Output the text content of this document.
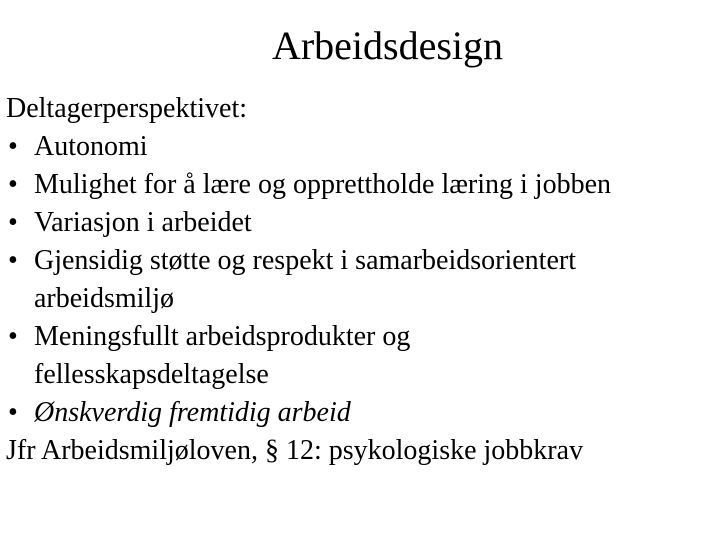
Arbeidsdesign
Deltagerperspektivet:
• Autonomi
• Mulighet for å lære og opprettholde læring i jobben
• Variasjon i arbeidet
• Gjensidig støtte og respekt i samarbeidsorientert
arbeidsmiljø
• Meningsfullt arbeidsprodukter og
fellesskapsdeltagelse
• Ønskverdig fremtidig arbeid
Jfr Arbeidsmiljøloven, § 12: psykologiske jobbkrav
